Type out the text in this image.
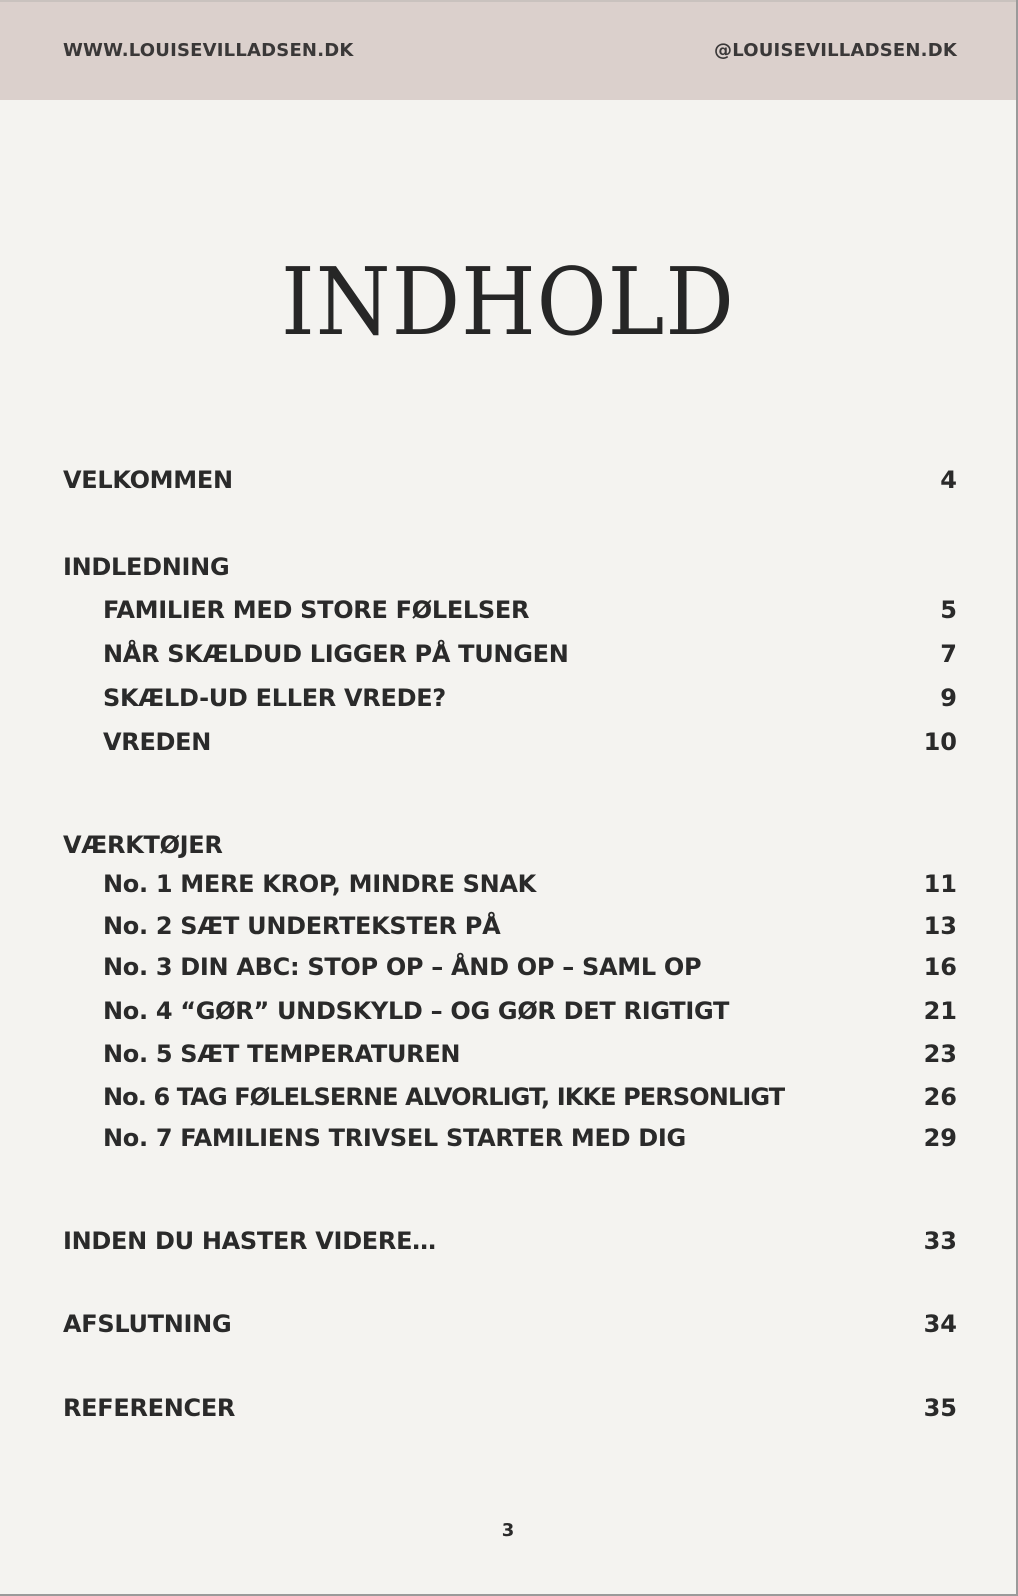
WWW.LOUISEVILLADSEN.DK	@LOUISEVILLADSEN.DK
INDHOLD
VELKOMMEN	4
INDLEDNING
FAMILIER MED STORE FØLELSER	5
NÅR SKÆLDUD LIGGER PÅ TUNGEN	7
SKÆLD-UD ELLER VREDE?	9
VREDEN	10
VÆRKTØJER
No. 1 MERE KROP, MINDRE SNAK	11
No. 2 SÆT UNDERTEKSTER PÅ	13
No. 3 DIN ABC: STOP OP – ÅND OP – SAML OP	16
No. 4 “GØR” UNDSKYLD – OG GØR DET RIGTIGT	21
No. 5 SÆT TEMPERATUREN	23
No. 6 TAG FØLELSERNE ALVORLIGT, IKKE PERSONLIGT	26
No. 7 FAMILIENS TRIVSEL STARTER MED DIG	29
INDEN DU HASTER VIDERE…	33
AFSLUTNING	34
REFERENCER	35
3
